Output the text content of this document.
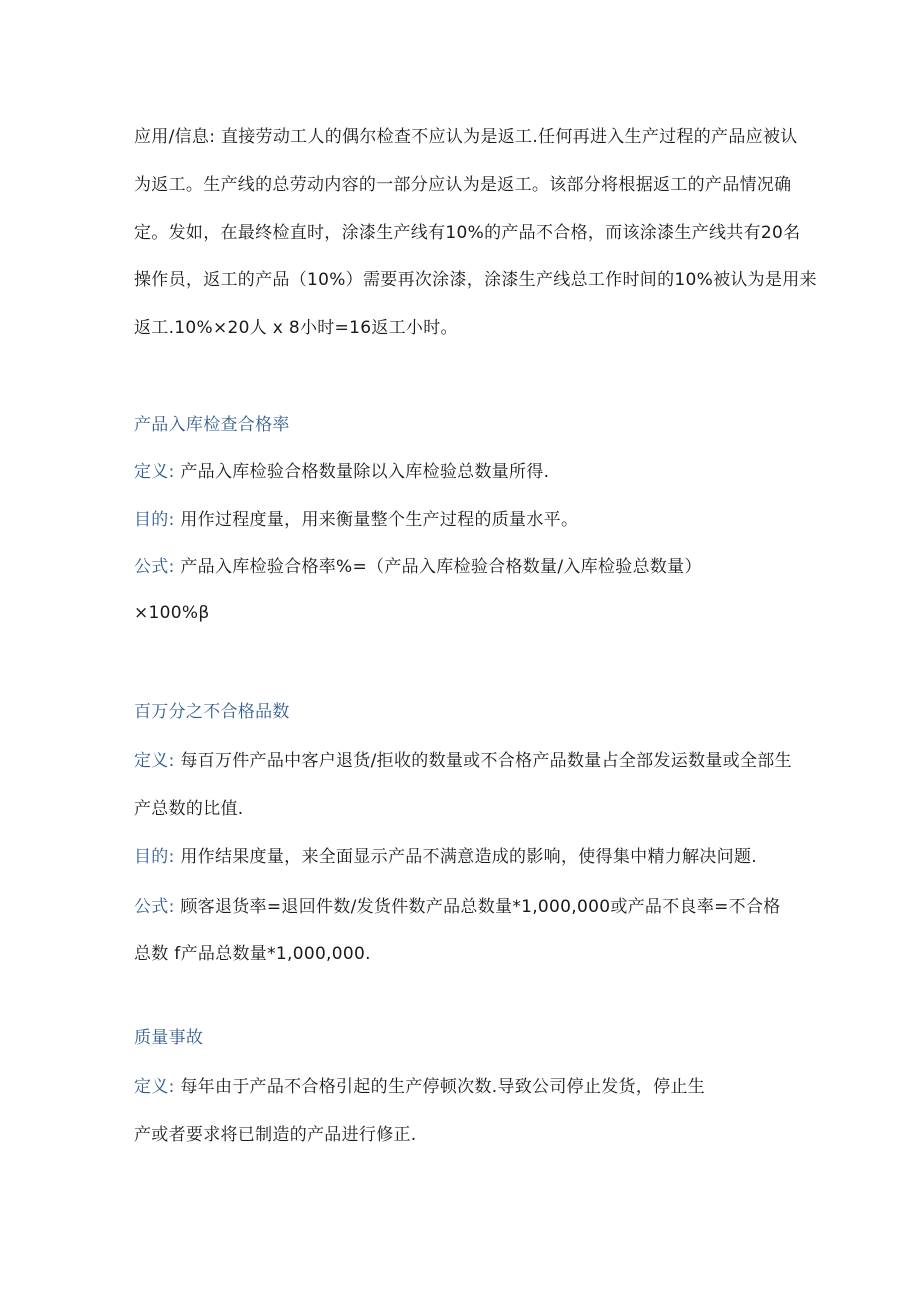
应用/信息: 直接劳动工人的偶尔检查不应认为是返工.任何再进入生产过程的产品应被认
为返工。生产线的总劳动内容的一部分应认为是返工。该部分将根据返工的产品情况确
定。发如，在最终检直时，涂漆生产线有10%的产品不合格，而该涂漆生产线共有20名
操作员，返工的产品（10%）需要再次涂漆，涂漆生产线总工作时间的10%被认为是用来
返工.10%×20人 x 8小时=16返工小时。
产品入库检查合格率
定义: 产品入库检验合格数量除以入库检验总数量所得.
目的: 用作过程度量，用来衡量整个生产过程的质量水平。
公式: 产品入库检验合格率%=（产品入库检验合格数量/入库检验总数量）
×100%β
百万分之不合格品数
定义: 每百万件产品中客户退货/拒收的数量或不合格产品数量占全部发运数量或全部生
产总数的比值.
目的: 用作结果度量，来全面显示产品不满意造成的影响，使得集中精力解决问题.
公式: 顾客退货率=退回件数/发货件数产品总数量*1,000,000或产品不良率=不合格
总数 f产品总数量*1,000,000.
质量事故
定义: 每年由于产品不合格引起的生产停顿次数.导致公司停止发货，停止生
产或者要求将已制造的产品进行修正.
